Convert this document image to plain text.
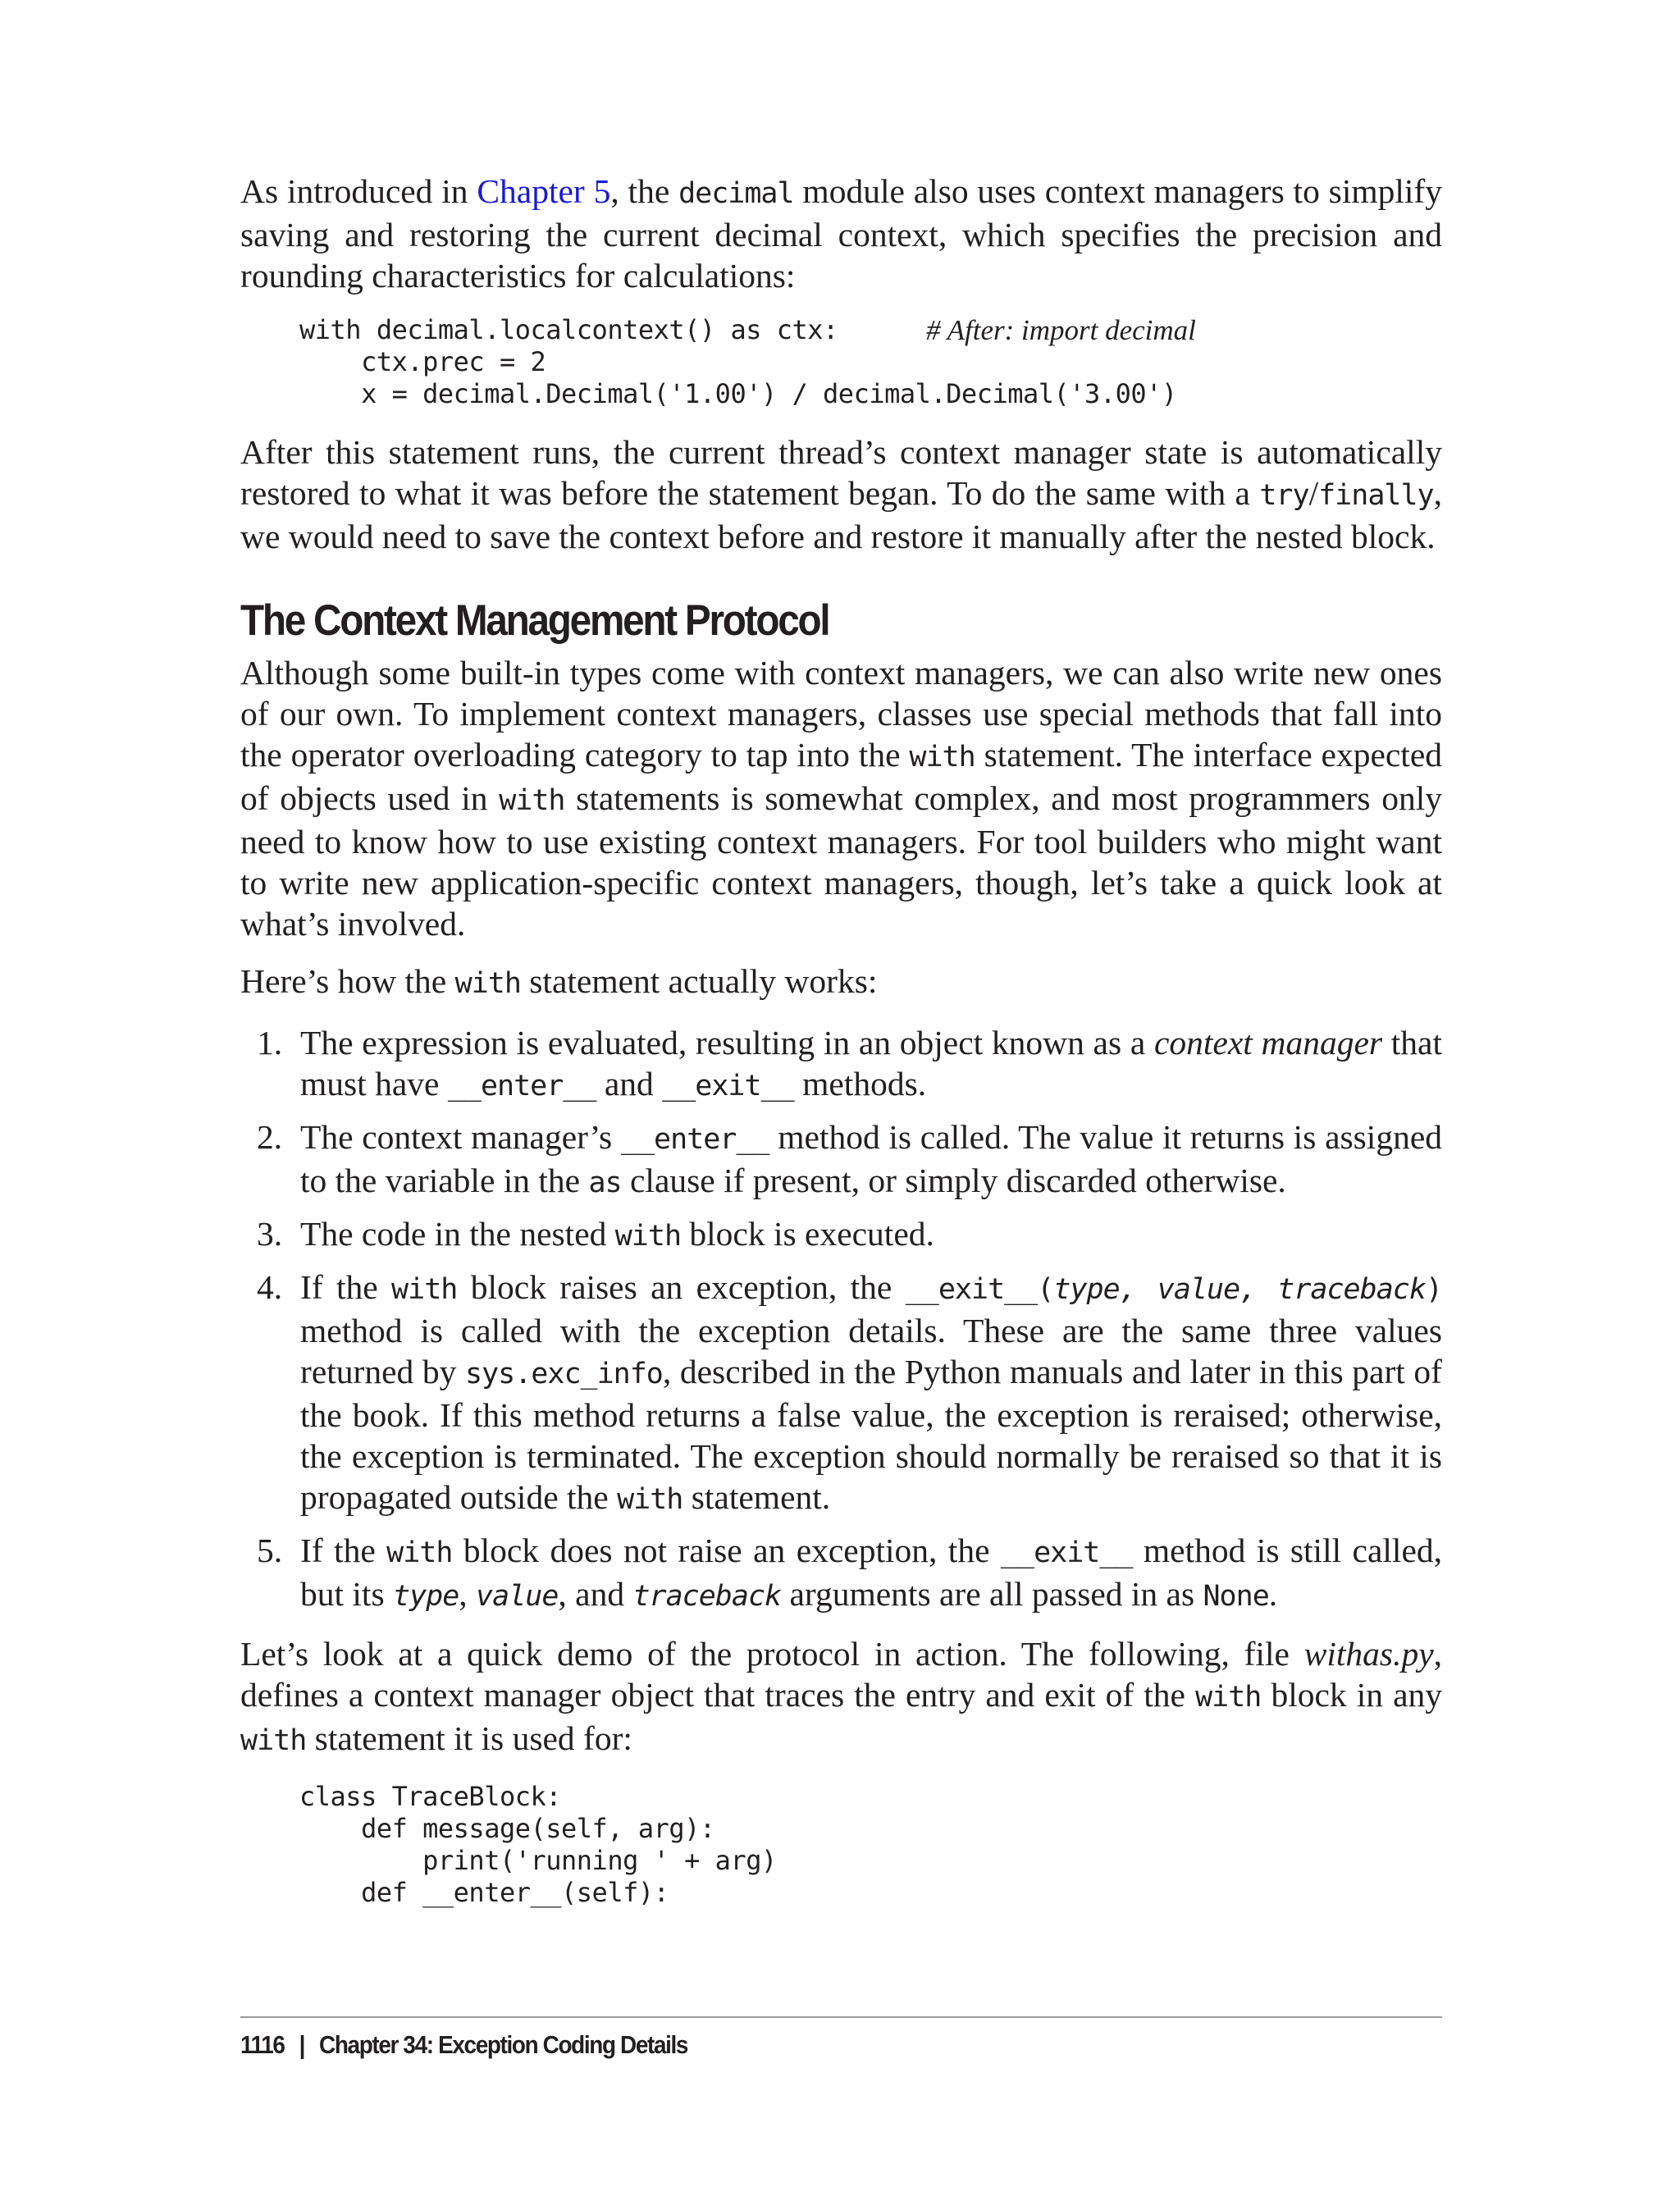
As introduced in Chapter 5, the decimal module also uses context managers to simplify saving and restoring the current decimal context, which specifies the precision and rounding characteristics for calculations:

with decimal.localcontext() as ctx:
ctx.prec = 2
x = decimal.Decimal('1.00') / decimal.Decimal('3.00')
# After: import decimal

After this statement runs, the current thread’s context manager state is automatically restored to what it was before the statement began. To do the same with a try/finally, we would need to save the context before and restore it manually after the nested block.

The Context Management Protocol

Although some built-in types come with context managers, we can also write new ones of our own. To implement context managers, classes use special methods that fall into the operator overloading category to tap into the with statement. The interface expected of objects used in with statements is somewhat complex, and most programmers only need to know how to use existing context managers. For tool builders who might want to write new application-specific context managers, though, let’s take a quick look at what’s involved.

Here’s how the with statement actually works:

1. The expression is evaluated, resulting in an object known as a context manager that must have __enter__ and __exit__ methods.

2. The context manager’s __enter__ method is called. The value it returns is assigned to the variable in the as clause if present, or simply discarded otherwise.

3. The code in the nested with block is executed.

4. If the with block raises an exception, the __exit__(type, value, traceback) method is called with the exception details. These are the same three values returned by sys.exc_info, described in the Python manuals and later in this part of the book. If this method returns a false value, the exception is reraised; otherwise, the exception is terminated. The exception should normally be reraised so that it is propagated outside the with statement.

5. If the with block does not raise an exception, the __exit__ method is still called, but its type, value, and traceback arguments are all passed in as None.

Let’s look at a quick demo of the protocol in action. The following, file withas.py, defines a context manager object that traces the entry and exit of the with block in any with statement it is used for:

class TraceBlock:
def message(self, arg):
print('running ' + arg)
def __enter__(self):
1116 | Chapter 34: Exception Coding Details
